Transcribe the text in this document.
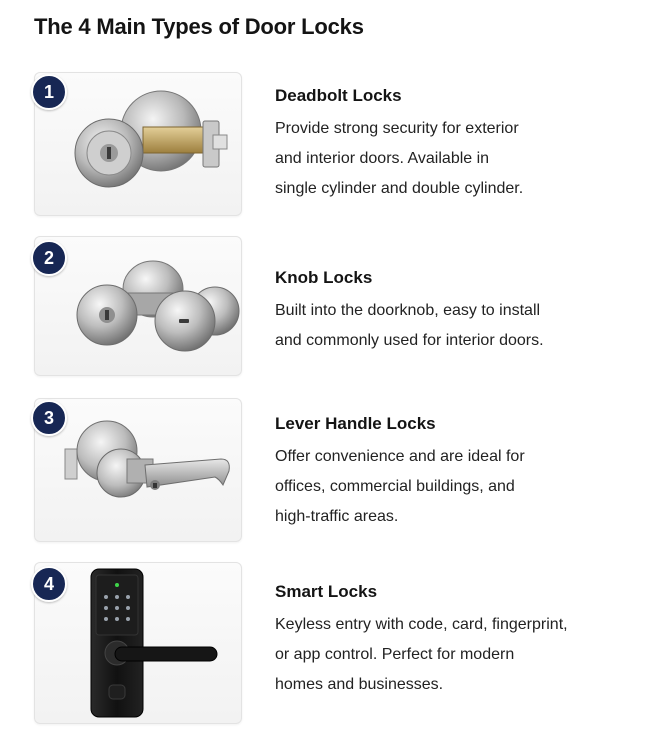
The 4 Main Types of Door Locks
1	Deadbolt Locks
Provide strong security for exterior
and interior doors. Available in
single cylinder and double cylinder.
2
Knob Locks
Built into the doorknob, easy to install
and commonly used for interior doors.
3	Lever Handle Locks
Offer convenience and are ideal for
offices, commercial buildings, and
high-traffic areas.
4	Smart Locks
Keyless entry with code, card, fingerprint,
or app control. Perfect for modern
homes and businesses.
